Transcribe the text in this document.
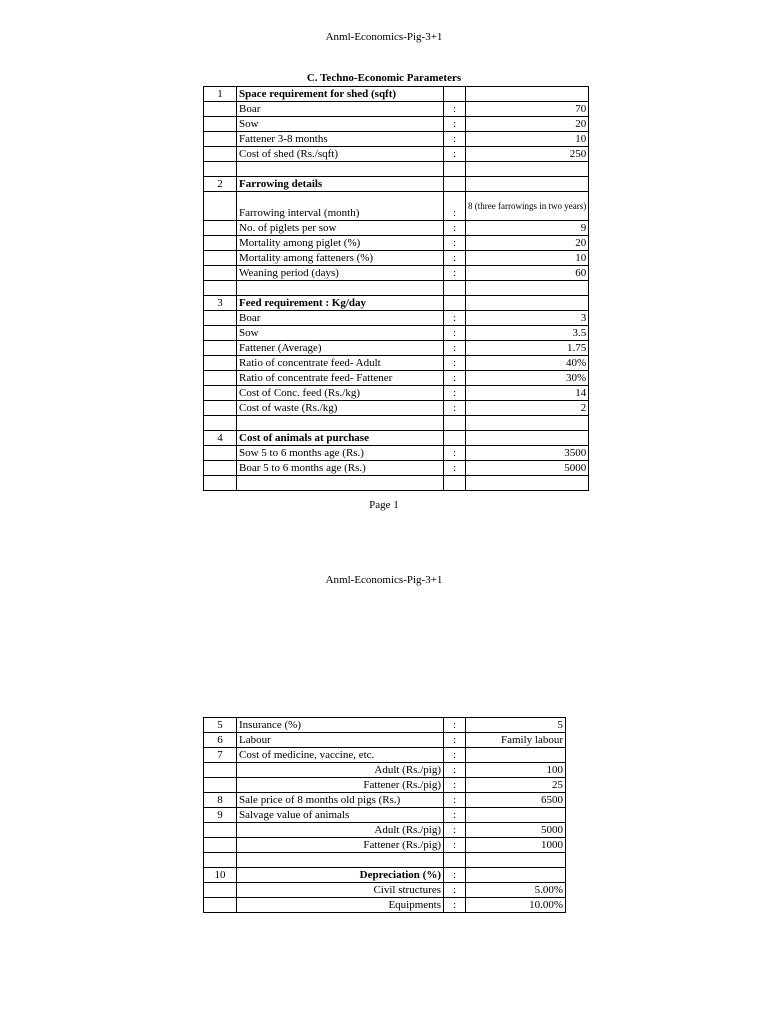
Anml-Economics-Pig-3+1
C. Techno-Economic Parameters
1	Space requirement for shed (sqft)		
	Boar	:	70
	Sow	:	20
	Fattener 3-8 months	:	10
	Cost of shed (Rs./sqft)	:	250

2	Farrowing details		
	Farrowing interval (month)	:	8 (three farrowings in two years)
	No. of piglets per sow	:	9
	Mortality among piglet (%)	:	20
	Mortality among fatteners (%)	:	10
	Weaning period (days)	:	60

3	Feed requirement : Kg/day		
	Boar	:	3
	Sow	:	3.5
	Fattener (Average)	:	1.75
	Ratio of concentrate feed- Adult	:	40%
	Ratio of concentrate feed- Fattener	:	30%
	Cost of Conc. feed (Rs./kg)	:	14
	Cost of waste (Rs./kg)	:	2

4	Cost of animals at purchase		
	Sow 5 to 6 months age (Rs.)	:	3500
	Boar 5 to 6 months age (Rs.)	:	5000

Page 1
Anml-Economics-Pig-3+1
5	Insurance (%)	:	5
6	Labour	:	Family labour
7	Cost of medicine, vaccine, etc.	:	
	Adult (Rs./pig)	:	100
	Fattener (Rs./pig)	:	25
8	Sale price of 8 months old pigs (Rs.)	:	6500
9	Salvage value of animals	:	
	Adult (Rs./pig)	:	5000
	Fattener (Rs./pig)	:	1000

10	Depreciation (%)	:	
	Civil structures	:	5.00%
	Equipments	:	10.00%
